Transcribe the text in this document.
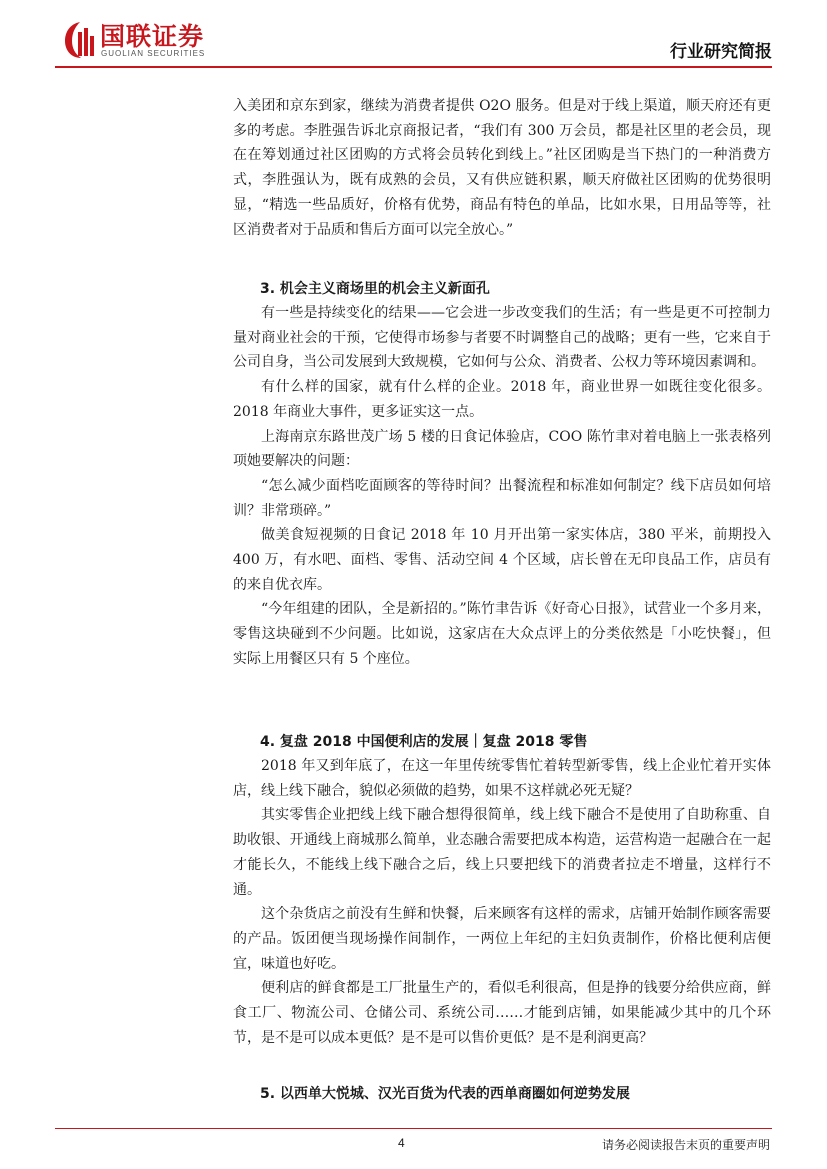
国联证券
GUOLIAN SECURITIES	行业研究简报

入美团和京东到家，继续为消费者提供 O2O 服务。但是对于线上渠道，顺天府还有更多的考虑。李胜强告诉北京商报记者，“我们有 300 万会员，都是社区里的老会员，现在在筹划通过社区团购的方式将会员转化到线上。”社区团购是当下热门的一种消费方式，李胜强认为，既有成熟的会员，又有供应链积累，顺天府做社区团购的优势很明显，“精选一些品质好，价格有优势，商品有特色的单品，比如水果，日用品等等，社区消费者对于品质和售后方面可以完全放心。”

3. 机会主义商场里的机会主义新面孔

有一些是持续变化的结果——它会进一步改变我们的生活；有一些是更不可控制力量对商业社会的干预，它使得市场参与者要不时调整自己的战略；更有一些，它来自于公司自身，当公司发展到大致规模，它如何与公众、消费者、公权力等环境因素调和。

有什么样的国家，就有什么样的企业。2018 年，商业世界一如既往变化很多。2018 年商业大事件，更多证实这一点。

上海南京东路世茂广场 5 楼的日食记体验店，COO 陈竹聿对着电脑上一张表格列项她要解决的问题：

“怎么减少面档吃面顾客的等待时间？出餐流程和标准如何制定？线下店员如何培训？非常琐碎。”

做美食短视频的日食记 2018 年 10 月开出第一家实体店，380 平米，前期投入 400 万，有水吧、面档、零售、活动空间 4 个区域，店长曾在无印良品工作，店员有的来自优衣库。

“今年组建的团队，全是新招的。”陈竹聿告诉《好奇心日报》，试营业一个多月来，零售这块碰到不少问题。比如说，这家店在大众点评上的分类依然是「小吃快餐」，但实际上用餐区只有 5 个座位。

4. 复盘 2018 中国便利店的发展｜复盘 2018 零售

2018 年又到年底了，在这一年里传统零售忙着转型新零售，线上企业忙着开实体店，线上线下融合，貌似必须做的趋势，如果不这样就必死无疑？

其实零售企业把线上线下融合想得很简单，线上线下融合不是使用了自助称重、自助收银、开通线上商城那么简单，业态融合需要把成本构造，运营构造一起融合在一起才能长久，不能线上线下融合之后，线上只要把线下的消费者拉走不增量，这样行不通。

这个杂货店之前没有生鲜和快餐，后来顾客有这样的需求，店铺开始制作顾客需要的产品。饭团便当现场操作间制作，一两位上年纪的主妇负责制作，价格比便利店便宜，味道也好吃。

便利店的鲜食都是工厂批量生产的，看似毛利很高，但是挣的钱要分给供应商，鲜食工厂、物流公司、仓储公司、系统公司……才能到店铺，如果能减少其中的几个环节，是不是可以成本更低？是不是可以售价更低？是不是利润更高？

5. 以西单大悦城、汉光百货为代表的西单商圈如何逆势发展
4	请务必阅读报告末页的重要声明
